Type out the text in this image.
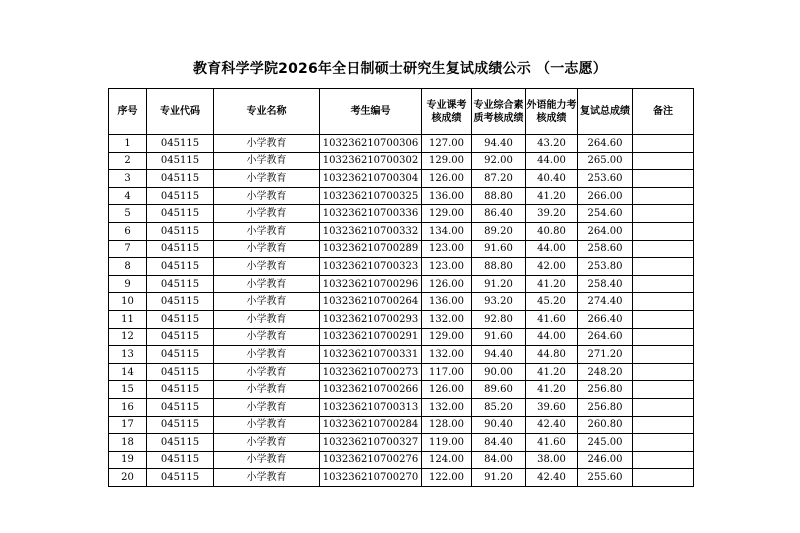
教育科学学院2026年全日制硕士研究生复试成绩公示 （一志愿）
序号	专业代码	专业名称	考生编号	专业课考核成绩	专业综合素质考核成绩	外语能力考核成绩	复试总成绩	备注
1	045115	小学教育	103236210700306	127.00	94.40	43.20	264.60	
2	045115	小学教育	103236210700302	129.00	92.00	44.00	265.00	
3	045115	小学教育	103236210700304	126.00	87.20	40.40	253.60	
4	045115	小学教育	103236210700325	136.00	88.80	41.20	266.00	
5	045115	小学教育	103236210700336	129.00	86.40	39.20	254.60	
6	045115	小学教育	103236210700332	134.00	89.20	40.80	264.00	
7	045115	小学教育	103236210700289	123.00	91.60	44.00	258.60	
8	045115	小学教育	103236210700323	123.00	88.80	42.00	253.80	
9	045115	小学教育	103236210700296	126.00	91.20	41.20	258.40	
10	045115	小学教育	103236210700264	136.00	93.20	45.20	274.40	
11	045115	小学教育	103236210700293	132.00	92.80	41.60	266.40	
12	045115	小学教育	103236210700291	129.00	91.60	44.00	264.60	
13	045115	小学教育	103236210700331	132.00	94.40	44.80	271.20	
14	045115	小学教育	103236210700273	117.00	90.00	41.20	248.20	
15	045115	小学教育	103236210700266	126.00	89.60	41.20	256.80	
16	045115	小学教育	103236210700313	132.00	85.20	39.60	256.80	
17	045115	小学教育	103236210700284	128.00	90.40	42.40	260.80	
18	045115	小学教育	103236210700327	119.00	84.40	41.60	245.00	
19	045115	小学教育	103236210700276	124.00	84.00	38.00	246.00	
20	045115	小学教育	103236210700270	122.00	91.20	42.40	255.60	
